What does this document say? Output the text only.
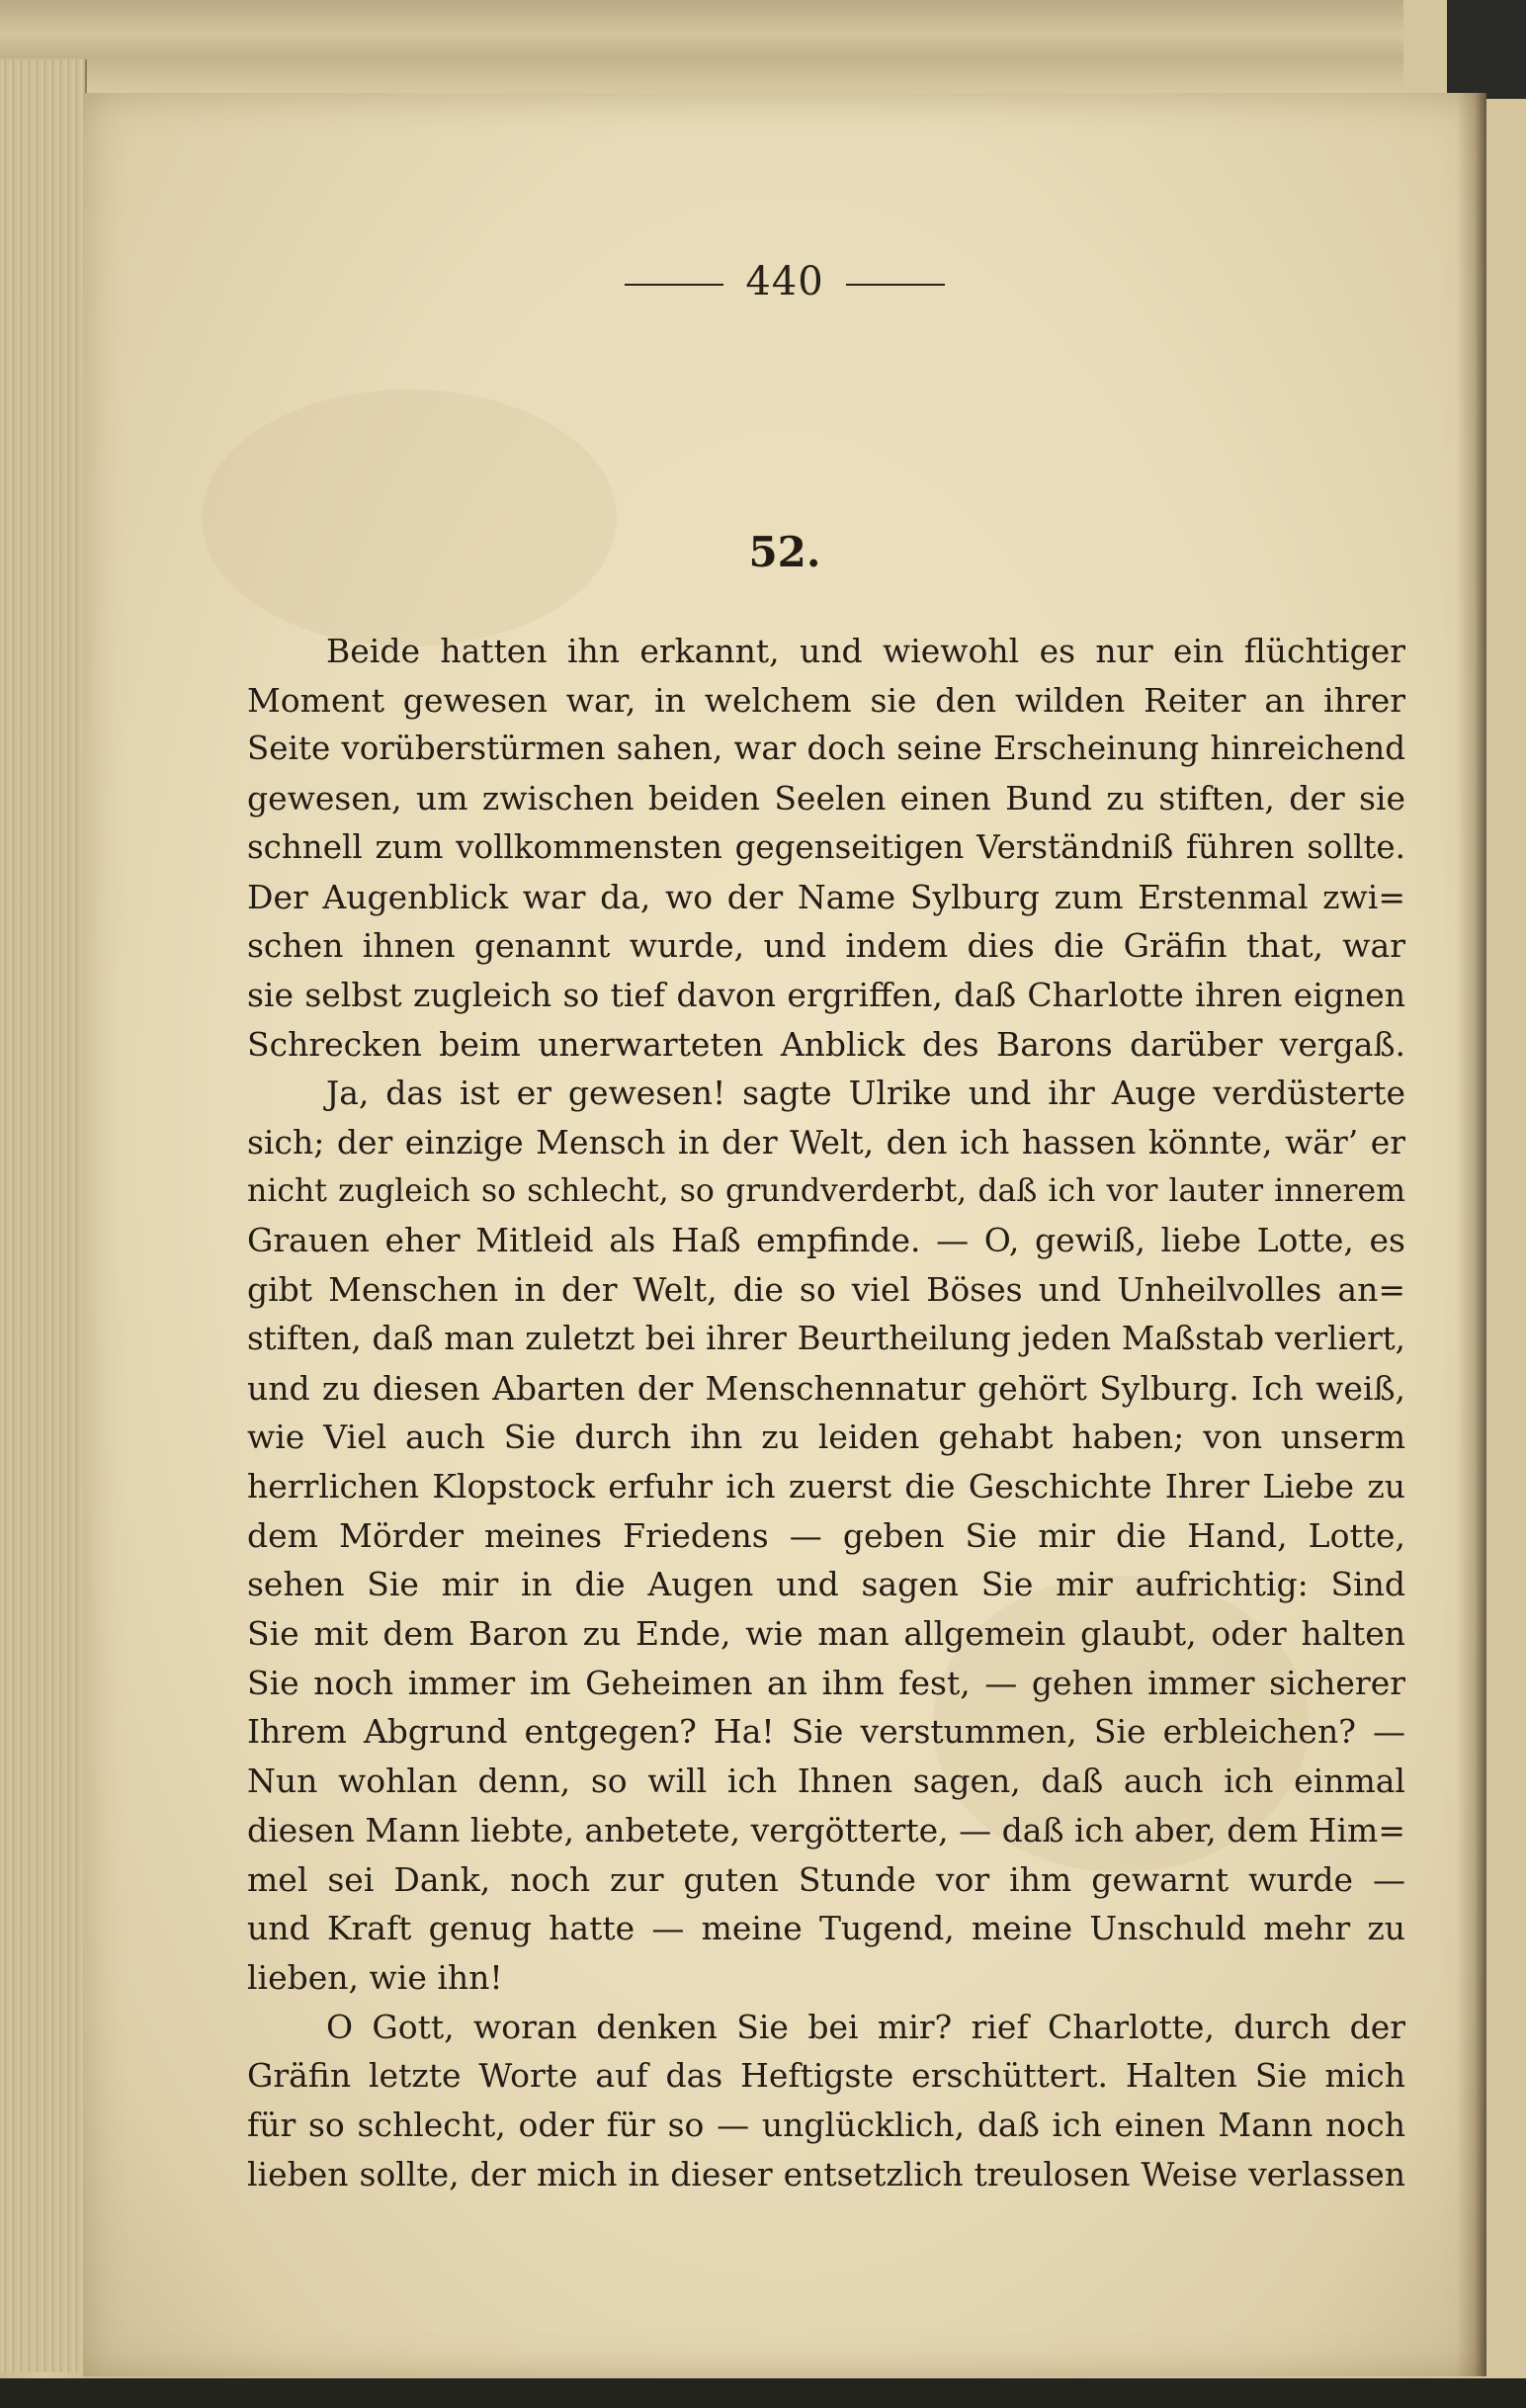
440
52.
Beide hatten ihn erkannt, und wiewohl es nur ein flüchtiger
Moment gewesen war, in welchem sie den wilden Reiter an ihrer
Seite vorüberstürmen sahen, war doch seine Erscheinung hinreichend
gewesen, um zwischen beiden Seelen einen Bund zu stiften, der sie
schnell zum vollkommensten gegenseitigen Verständniß führen sollte.
Der Augenblick war da, wo der Name Sylburg zum Erstenmal zwi=
schen ihnen genannt wurde, und indem dies die Gräfin that, war
sie selbst zugleich so tief davon ergriffen, daß Charlotte ihren eignen
Schrecken beim unerwarteten Anblick des Barons darüber vergaß.
Ja, das ist er gewesen! sagte Ulrike und ihr Auge verdüsterte
sich; der einzige Mensch in der Welt, den ich hassen könnte, wär’ er
nicht zugleich so schlecht, so grundverderbt, daß ich vor lauter innerem
Grauen eher Mitleid als Haß empfinde. — O, gewiß, liebe Lotte, es
gibt Menschen in der Welt, die so viel Böses und Unheilvolles an=
stiften, daß man zuletzt bei ihrer Beurtheilung jeden Maßstab verliert,
und zu diesen Abarten der Menschennatur gehört Sylburg. Ich weiß,
wie Viel auch Sie durch ihn zu leiden gehabt haben; von unserm
herrlichen Klopstock erfuhr ich zuerst die Geschichte Ihrer Liebe zu
dem Mörder meines Friedens — geben Sie mir die Hand, Lotte,
sehen Sie mir in die Augen und sagen Sie mir aufrichtig: Sind
Sie mit dem Baron zu Ende, wie man allgemein glaubt, oder halten
Sie noch immer im Geheimen an ihm fest, — gehen immer sicherer
Ihrem Abgrund entgegen? Ha! Sie verstummen, Sie erbleichen? —
Nun wohlan denn, so will ich Ihnen sagen, daß auch ich einmal
diesen Mann liebte, anbetete, vergötterte, — daß ich aber, dem Him=
mel sei Dank, noch zur guten Stunde vor ihm gewarnt wurde —
und Kraft genug hatte — meine Tugend, meine Unschuld mehr zu
lieben, wie ihn!
O Gott, woran denken Sie bei mir? rief Charlotte, durch der
Gräfin letzte Worte auf das Heftigste erschüttert. Halten Sie mich
für so schlecht, oder für so — unglücklich, daß ich einen Mann noch
lieben sollte, der mich in dieser entsetzlich treulosen Weise verlassen
